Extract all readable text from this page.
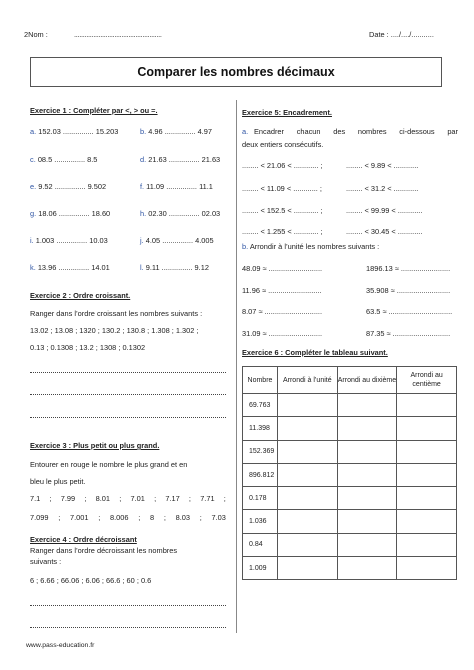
2Nom :	..................................................	Date : ..../..../...........
Comparer les nombres décimaux
Exercice 1 : Compléter par <, > ou =.
a. 152.03 ............... 15.203	b. 4.96 ............... 4.97
c. 08.5 ............... 8.5	d. 21.63 ............... 21.63
e. 9.52 ............... 9.502	f. 11.09 ............... 11.1
g. 18.06 ............... 18.60	h. 02.30 ............... 02.03
i. 1.003 ............... 10.03	j. 4.05 ............... 4.005
k. 13.96 ............... 14.01	l. 9.11 ............... 9.12
Exercice 2 : Ordre croissant.
Ranger dans l’ordre croissant les nombres suivants :
13.02 ; 13.08 ; 1320 ; 130.2 ; 130.8 ; 1.308 ; 1.302 ;
0.13 ; 0.1308 ; 13.2 ; 1308 ; 0.1302
Exercice 3 : Plus petit ou plus grand.
Entourer en rouge le nombre le plus grand et en
bleu le plus petit.
7.1 ; 7.99 ; 8.01 ; 7.01 ; 7.17 ; 7.71 ;
7.099 ; 7.001 ; 8.006 ; 8 ; 8.03 ; 7.03
Exercice 4 : Ordre décroissant
Ranger dans l’ordre décroissant les nombres
suivants :
6 ; 6.66 ; 66.06 ; 6.06 ; 66.6 ; 60 ; 0.6
Exercice 5: Encadrement.
a. Encadrer chacun des nombres ci-dessous par
deux entiers consécutifs.
........ < 21.06 < ............ ;	........ < 9.89 < ............
........ < 11.09 < ............ ;	........ < 31.2 < ............
........ < 152.5 < ............ ;	........ < 99.99 < ............
........ < 1.255 < ............ ;	........ < 30.45 < ............
b. Arrondir à l’unité les nombres suivants :
48.09 ≈ ..........................	1896.13 ≈ ........................
11.96 ≈ ..........................	35.908 ≈ ..........................
8.07 ≈ ............................	63.5 ≈ ...............................
31.09 ≈ ..........................	87.35 ≈ ............................
Exercice 6 : Compléter le tableau suivant.
Nombre	Arrondi à l’unité	Arrondi au dixième	Arrondi au centième
69.763			
11.398			
152.369			
896.812			
0.178			
1.036			
0.84			
1.009			
www.pass-education.fr
